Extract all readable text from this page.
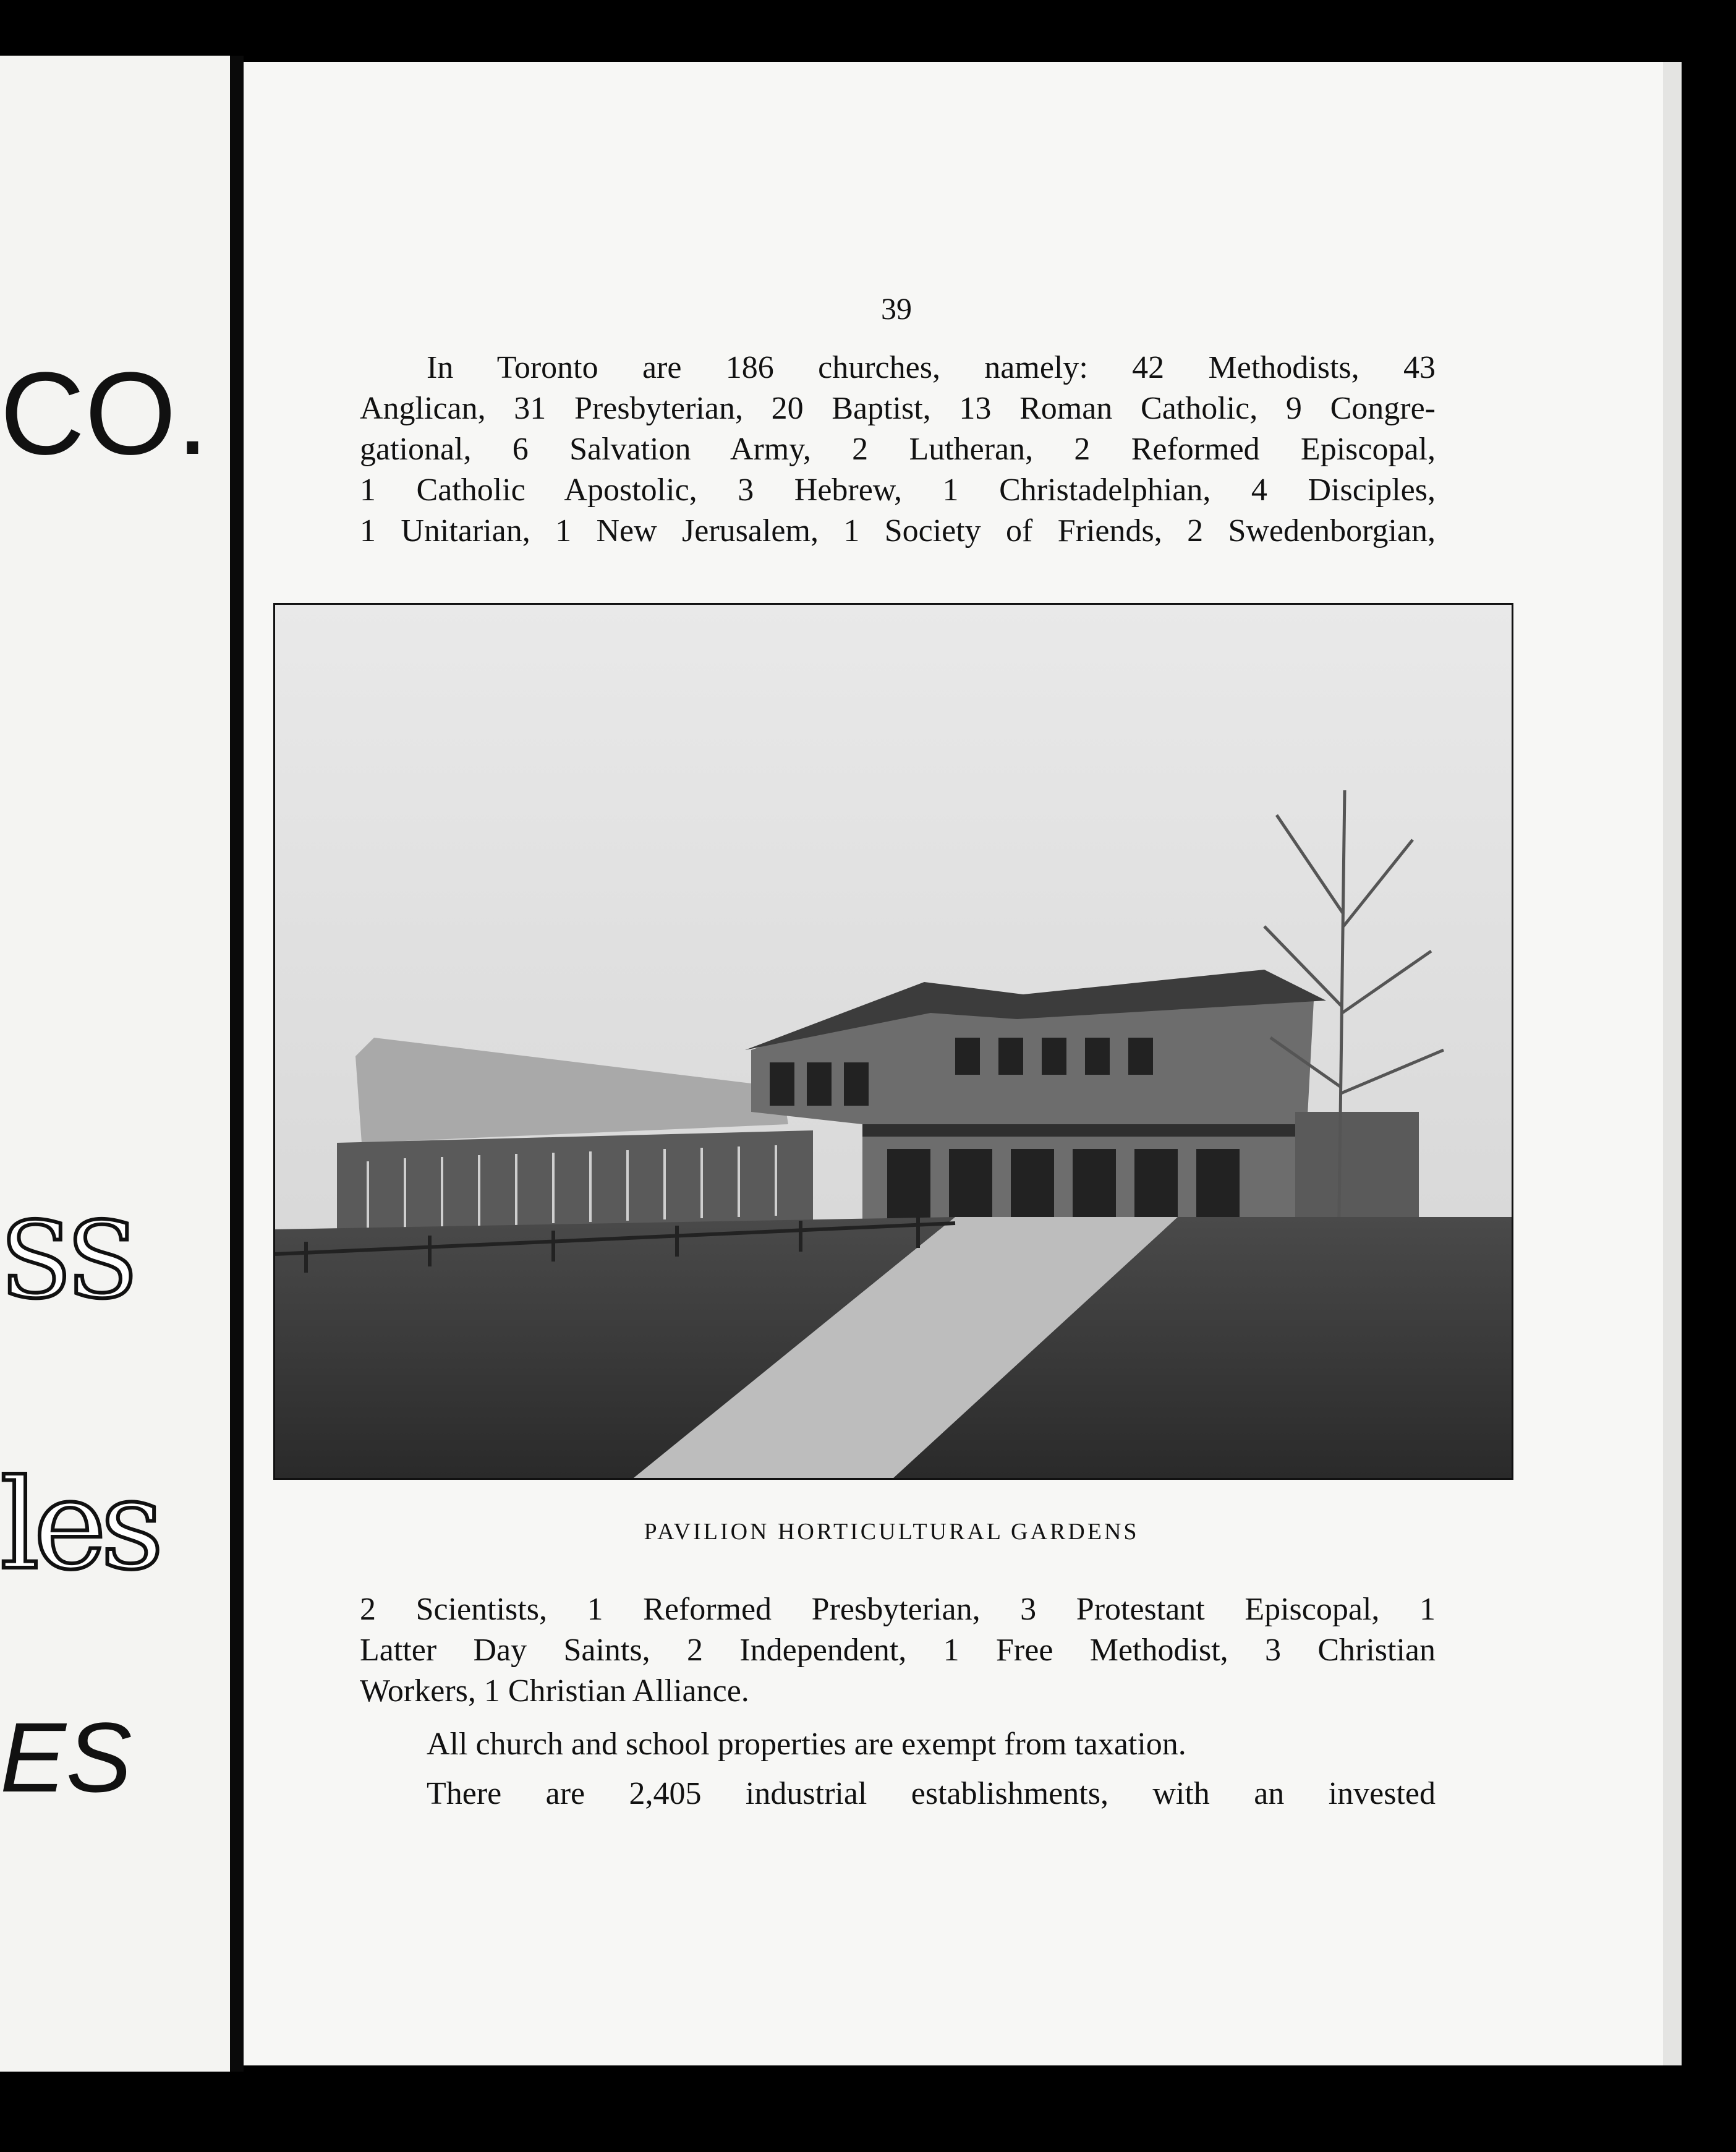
CO.
SS
les
ES
39
In Toronto are 186 churches, namely: 42 Methodists, 43
Anglican, 31 Presbyterian, 20 Baptist, 13 Roman Catholic, 9 Congre-
gational, 6 Salvation Army, 2 Lutheran, 2 Reformed Episcopal,
1 Catholic Apostolic, 3 Hebrew, 1 Christadelphian, 4 Disciples,
1 Unitarian, 1 New Jerusalem, 1 Society of Friends, 2 Swedenborgian,
PAVILION HORTICULTURAL GARDENS
2 Scientists, 1 Reformed Presbyterian, 3 Protestant Episcopal, 1
Latter Day Saints, 2 Independent, 1 Free Methodist, 3 Christian
Workers, 1 Christian Alliance.
All church and school properties are exempt from taxation.
There are 2,405 industrial establishments, with an invested
